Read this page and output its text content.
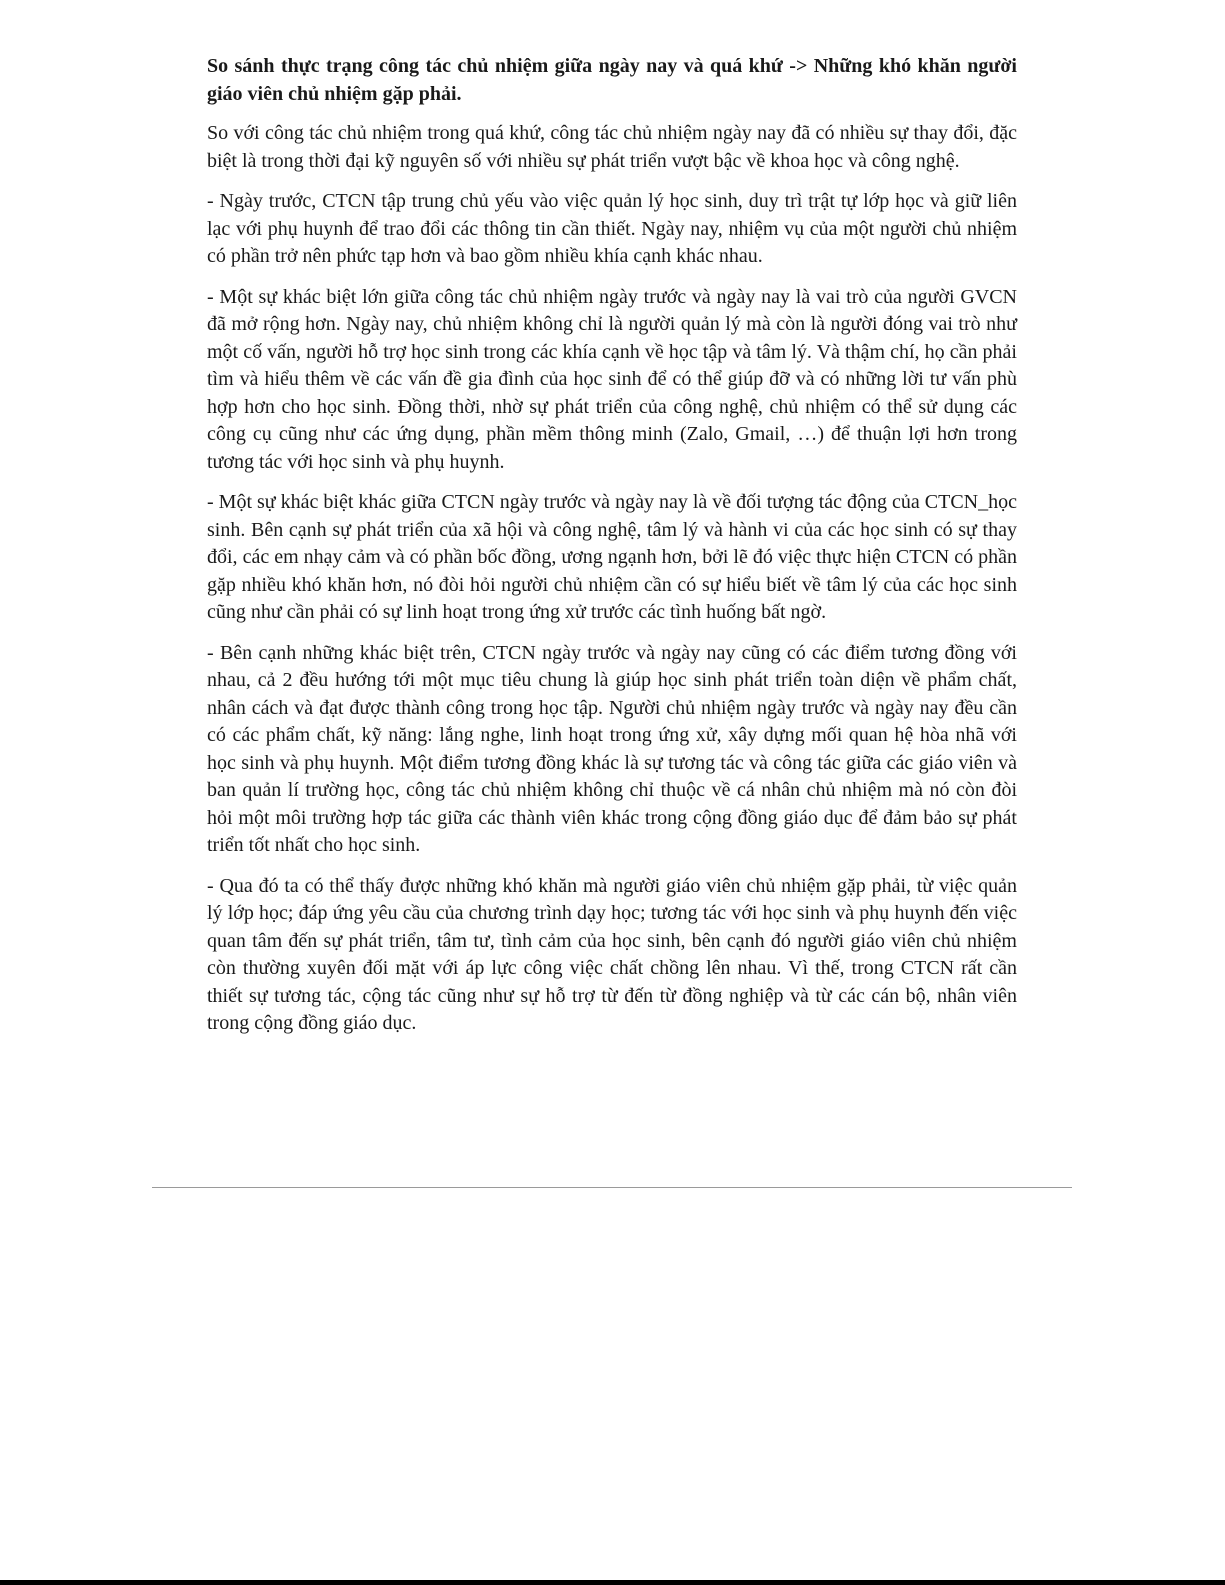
So sánh thực trạng công tác chủ nhiệm giữa ngày nay và quá khứ -> Những khó khăn người giáo viên chủ nhiệm gặp phải.

So với công tác chủ nhiệm trong quá khứ, công tác chủ nhiệm ngày nay đã có nhiều sự thay đổi, đặc biệt là trong thời đại kỹ nguyên số với nhiều sự phát triển vượt bậc về khoa học và công nghệ.

- Ngày trước, CTCN tập trung chủ yếu vào việc quản lý học sinh, duy trì trật tự lớp học và giữ liên lạc với phụ huynh để trao đổi các thông tin cần thiết. Ngày nay, nhiệm vụ của một người chủ nhiệm có phần trở nên phức tạp hơn và bao gồm nhiều khía cạnh khác nhau.

- Một sự khác biệt lớn giữa công tác chủ nhiệm ngày trước và ngày nay là vai trò của người GVCN đã mở rộng hơn. Ngày nay, chủ nhiệm không chỉ là người quản lý mà còn là người đóng vai trò như một cố vấn, người hỗ trợ học sinh trong các khía cạnh về học tập và tâm lý. Và thậm chí, họ cần phải tìm và hiểu thêm về các vấn đề gia đình của học sinh để có thể giúp đỡ và có những lời tư vấn phù hợp hơn cho học sinh. Đồng thời, nhờ sự phát triển của công nghệ, chủ nhiệm có thể sử dụng các công cụ cũng như các ứng dụng, phần mềm thông minh (Zalo, Gmail, …) để thuận lợi hơn trong tương tác với học sinh và phụ huynh.

- Một sự khác biệt khác giữa CTCN ngày trước và ngày nay là về đối tượng tác động của CTCN_học sinh. Bên cạnh sự phát triển của xã hội và công nghệ, tâm lý và hành vi của các học sinh có sự thay đổi, các em nhạy cảm và có phần bốc đồng, ương ngạnh hơn, bởi lẽ đó việc thực hiện CTCN có phần gặp nhiều khó khăn hơn, nó đòi hỏi người chủ nhiệm cần có sự hiểu biết về tâm lý của các học sinh cũng như cần phải có sự linh hoạt trong ứng xử trước các tình huống bất ngờ.

- Bên cạnh những khác biệt trên, CTCN ngày trước và ngày nay cũng có các điểm tương đồng với nhau, cả 2 đều hướng tới một mục tiêu chung là giúp học sinh phát triển toàn diện về phẩm chất, nhân cách và đạt được thành công trong học tập. Người chủ nhiệm ngày trước và ngày nay đều cần có các phẩm chất, kỹ năng: lắng nghe, linh hoạt trong ứng xử, xây dựng mối quan hệ hòa nhã với học sinh và phụ huynh. Một điểm tương đồng khác là sự tương tác và công tác giữa các giáo viên và ban quản lí trường học, công tác chủ nhiệm không chỉ thuộc về cá nhân chủ nhiệm mà nó còn đòi hỏi một môi trường hợp tác giữa các thành viên khác trong cộng đồng giáo dục để đảm bảo sự phát triển tốt nhất cho học sinh.

- Qua đó ta có thể thấy được những khó khăn mà người giáo viên chủ nhiệm gặp phải, từ việc quản lý lớp học; đáp ứng yêu cầu của chương trình dạy học; tương tác với học sinh và phụ huynh đến việc quan tâm đến sự phát triển, tâm tư, tình cảm của học sinh, bên cạnh đó người giáo viên chủ nhiệm còn thường xuyên đối mặt với áp lực công việc chất chồng lên nhau. Vì thế, trong CTCN rất cần thiết sự tương tác, cộng tác cũng như sự hỗ trợ từ đến từ đồng nghiệp và từ các cán bộ, nhân viên trong cộng đồng giáo dục.
